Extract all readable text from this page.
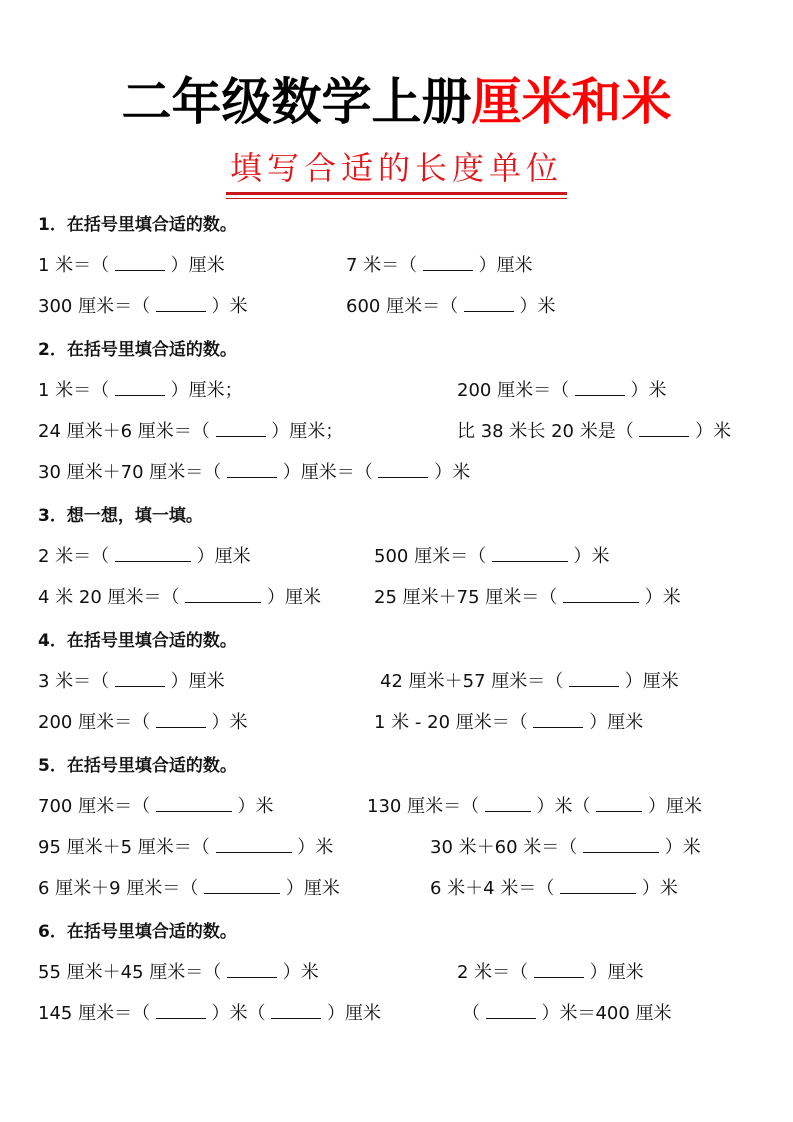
二年级数学上册厘米和米
填写合适的长度单位
1．在括号里填合适的数。
1 米＝（	）厘米	7 米＝（	）厘米
300 厘米＝（	）米	600 厘米＝（	）米
2．在括号里填合适的数。
1 米＝（	）厘米；	200 厘米＝（	）米
24 厘米＋6 厘米＝（	）厘米；	比 38 米长 20 米是（	）米
30 厘米＋70 厘米＝（	）厘米＝（	）米
3．想一想，填一填。
2 米＝（	）厘米	500 厘米＝（	）米
4 米 20 厘米＝（	）厘米	25 厘米＋75 厘米＝（	）米
4．在括号里填合适的数。
3 米＝（	）厘米	42 厘米＋57 厘米＝（	）厘米
200 厘米＝（	）米	1 米 - 20 厘米＝（	）厘米
5．在括号里填合适的数。
700 厘米＝（	）米	130 厘米＝（	）米（	）厘米
95 厘米＋5 厘米＝（	）米	30 米＋60 米＝（	）米
6 厘米＋9 厘米＝（	）厘米	6 米＋4 米＝（	）米
6．在括号里填合适的数。
55 厘米＋45 厘米＝（	）米	2 米＝（	）厘米
145 厘米＝（	）米（	）厘米	（	）米＝400 厘米
